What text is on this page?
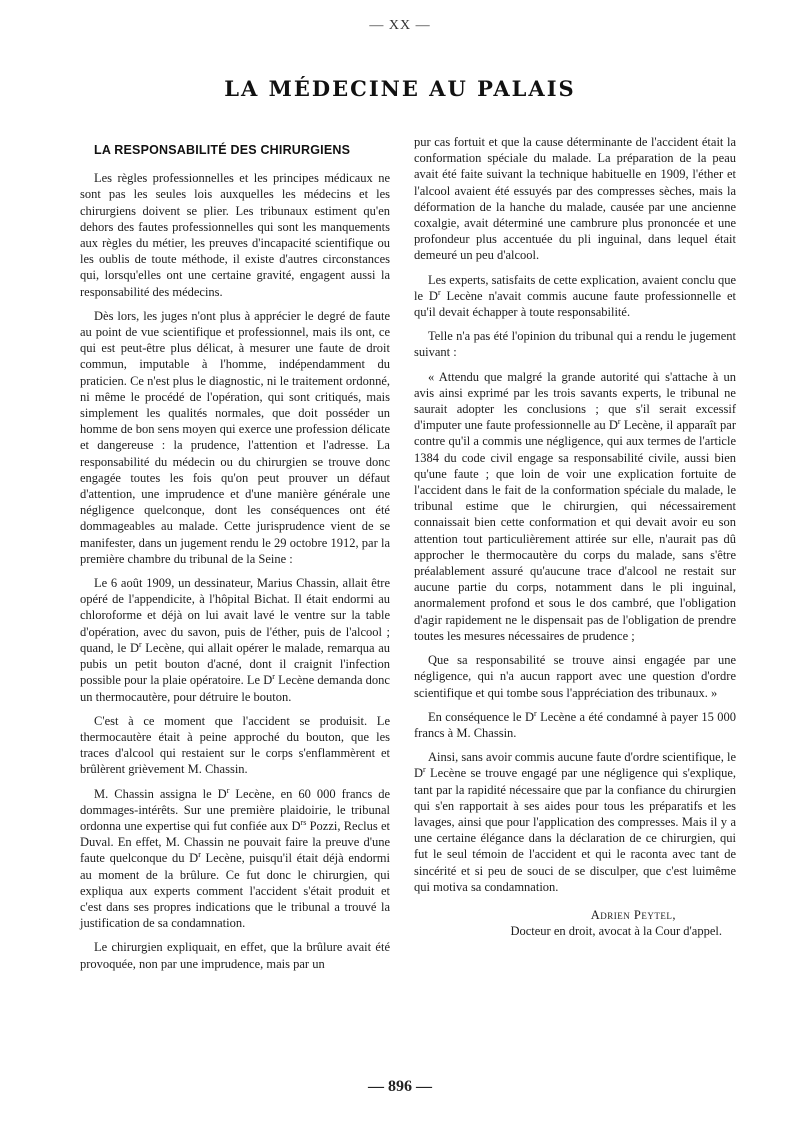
— XX —
LA MÉDECINE AU PALAIS
LA RESPONSABILITÉ DES CHIRURGIENS

Les règles professionnelles et les principes médicaux ne sont pas les seules lois auxquelles les médecins et les chirurgiens doivent se plier. Les tribunaux estiment qu'en dehors des fautes professionnelles qui sont les manquements aux règles du métier, les preuves d'incapacité scientifique ou les oublis de toute méthode, il existe d'autres circonstances qui, lorsqu'elles ont une certaine gravité, engagent aussi la responsabilité des médecins.

Dès lors, les juges n'ont plus à apprécier le degré de faute au point de vue scientifique et professionnel, mais ils ont, ce qui est peut-être plus délicat, à mesurer une faute de droit commun, imputable à l'homme, indépendamment du praticien. Ce n'est plus le diagnostic, ni le traitement ordonné, ni même le procédé de l'opération, qui sont critiqués, mais simplement les qualités normales, que doit posséder un homme de bon sens moyen qui exerce une profession délicate et dangereuse : la prudence, l'attention et l'adresse. La responsabilité du médecin ou du chirurgien se trouve donc engagée toutes les fois qu'on peut prouver un défaut d'attention, une imprudence et d'une manière générale une négligence quelconque, dont les conséquences ont été dommageables au malade. Cette jurisprudence vient de se manifester, dans un jugement rendu le 29 octobre 1912, par la première chambre du tribunal de la Seine :

Le 6 août 1909, un dessinateur, Marius Chassin, allait être opéré de l'appendicite, à l'hôpital Bichat. Il était endormi au chloroforme et déjà on lui avait lavé le ventre sur la table d'opération, avec du savon, puis de l'éther, puis de l'alcool ; quand, le $D^r$ Lecène, qui allait opérer le malade, remarqua au pubis un petit bouton d'acné, dont il craignit l'infection possible pour la plaie opératoire. Le $D^r$ Lecène demanda donc un thermocautère, pour détruire le bouton.

C'est à ce moment que l'accident se produisit. Le thermocautère était à peine approché du bouton, que les traces d'alcool qui restaient sur le corps s'enflammèrent et brûlèrent grièvement M. Chassin.

M. Chassin assigna le $D^r$ Lecène, en 60 000 francs de dommages-intérêts. Sur une première plaidoirie, le tribunal ordonna une expertise qui fut confiée aux $D^{rs}$ Pozzi, Reclus et Duval. En effet, M. Chassin ne pouvait faire la preuve d'une faute quelconque du $D^r$ Lecène, puisqu'il était déjà endormi au moment de la brûlure. Ce fut donc le chirurgien, qui expliqua aux experts comment l'accident s'était produit et c'est dans ses propres indications que le tribunal a trouvé la justification de sa condamnation.

Le chirurgien expliquait, en effet, que la brûlure avait été provoquée, non par une imprudence, mais par un

pur cas fortuit et que la cause déterminante de l'accident était la conformation spéciale du malade. La préparation de la peau avait été faite suivant la technique habituelle en 1909, l'éther et l'alcool avaient été essuyés par des compresses sèches, mais la déformation de la hanche du malade, causée par une ancienne coxalgie, avait déterminé une cambrure plus prononcée et une profondeur plus accentuée du pli inguinal, dans lequel était demeuré un peu d'alcool.

Les experts, satisfaits de cette explication, avaient conclu que le $D^r$ Lecène n'avait commis aucune faute professionnelle et qu'il devait échapper à toute responsabilité.

Telle n'a pas été l'opinion du tribunal qui a rendu le jugement suivant :

« Attendu que malgré la grande autorité qui s'attache à un avis ainsi exprimé par les trois savants experts, le tribunal ne saurait adopter les conclusions ; que s'il serait excessif d'imputer une faute professionnelle au $D^r$ Lecène, il apparaît par contre qu'il a commis une négligence, qui aux termes de l'article 1384 du code civil engage sa responsabilité civile, aussi bien qu'une faute ; que loin de voir une explication fortuite de l'accident dans le fait de la conformation spéciale du malade, le tribunal estime que le chirurgien, qui nécessairement connaissait bien cette conformation et qui devait avoir eu son attention tout particulièrement attirée sur elle, n'aurait pas dû approcher le thermocautère du corps du malade, sans s'être préalablement assuré qu'aucune trace d'alcool ne restait sur aucune partie du corps, notamment dans le pli inguinal, anormalement profond et sous le dos cambré, que l'obligation d'agir rapidement ne le dispensait pas de l'obligation de prendre toutes les mesures nécessaires de prudence ;

Que sa responsabilité se trouve ainsi engagée par une négligence, qui n'a aucun rapport avec une question d'ordre scientifique et qui tombe sous l'appréciation des tribunaux. »

En conséquence le $D^r$ Lecène a été condamné à payer 15 000 francs à M. Chassin.

Ainsi, sans avoir commis aucune faute d'ordre scientifique, le $D^r$ Lecène se trouve engagé par une négligence qui s'explique, tant par la rapidité nécessaire que par la confiance du chirurgien qui s'en rapportait à ses aides pour tous les préparatifs et les lavages, ainsi que pour l'application des compresses. Mais il y a une certaine élégance dans la déclaration de ce chirurgien, qui fut le seul témoin de l'accident et qui le raconta avec tant de sincérité et si peu de souci de se disculper, que c'est luimême qui motiva sa condamnation.

Adrien Peytel,
Docteur en droit, avocat à la Cour d'appel.
— 896 —
